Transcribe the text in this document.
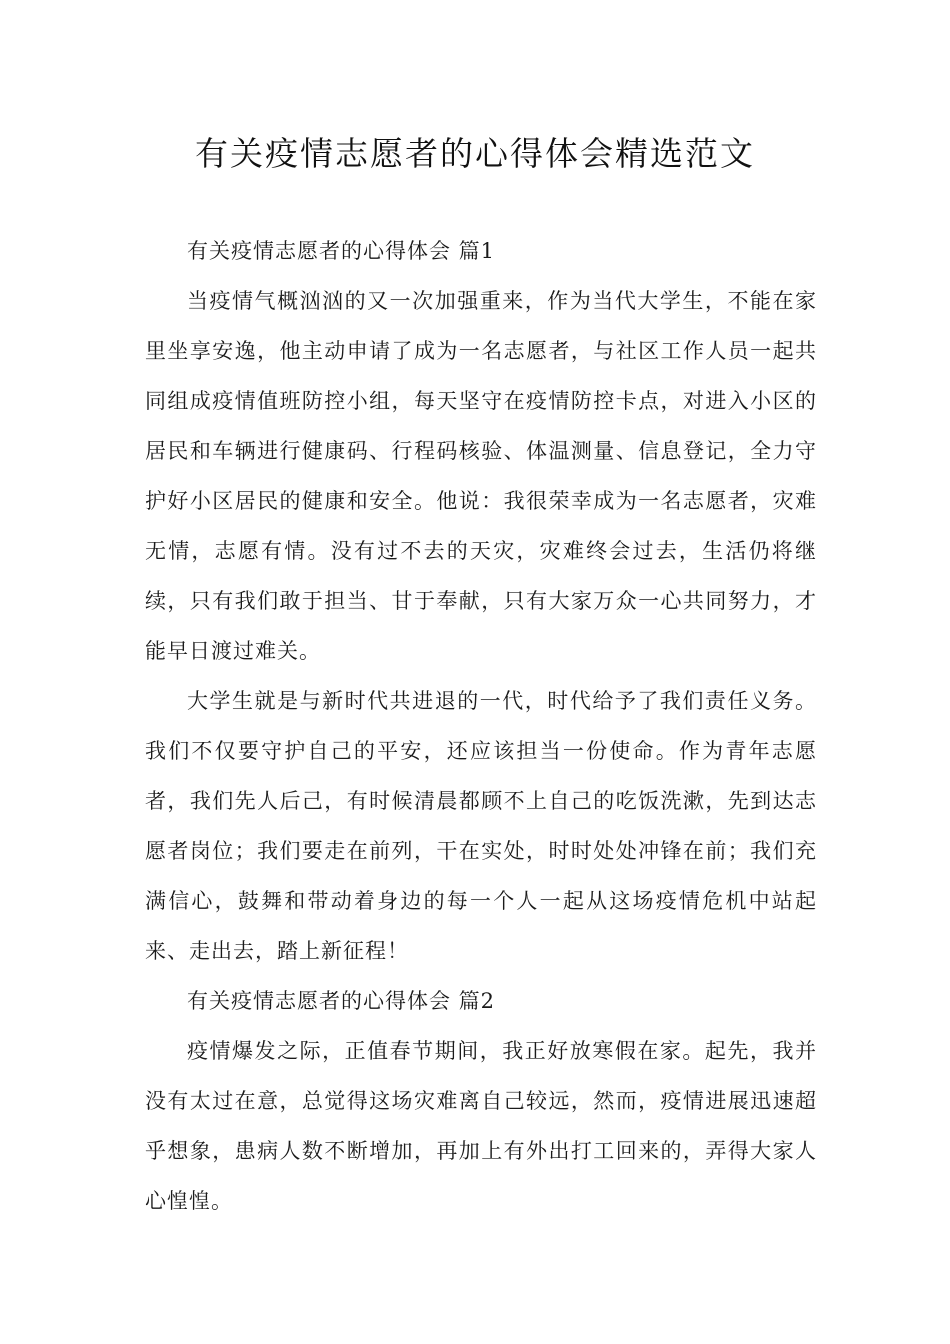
有关疫情志愿者的心得体会精选范文

有关疫情志愿者的心得体会 篇1

当疫情气概汹汹的又一次加强重来，作为当代大学生，不能在家里坐享安逸，他主动申请了成为一名志愿者，与社区工作人员一起共同组成疫情值班防控小组，每天坚守在疫情防控卡点，对进入小区的居民和车辆进行健康码、行程码核验、体温测量、信息登记，全力守护好小区居民的健康和安全。他说：我很荣幸成为一名志愿者，灾难无情，志愿有情。没有过不去的天灾，灾难终会过去，生活仍将继续，只有我们敢于担当、甘于奉献，只有大家万众一心共同努力，才能早日渡过难关。

大学生就是与新时代共进退的一代，时代给予了我们责任义务。我们不仅要守护自己的平安，还应该担当一份使命。作为青年志愿者，我们先人后己，有时候清晨都顾不上自己的吃饭洗漱，先到达志愿者岗位；我们要走在前列，干在实处，时时处处冲锋在前；我们充满信心，鼓舞和带动着身边的每一个人一起从这场疫情危机中站起来、走出去，踏上新征程！

有关疫情志愿者的心得体会 篇2

疫情爆发之际，正值春节期间，我正好放寒假在家。起先，我并没有太过在意，总觉得这场灾难离自己较远，然而，疫情进展迅速超乎想象，患病人数不断增加，再加上有外出打工回来的，弄得大家人心惶惶。
